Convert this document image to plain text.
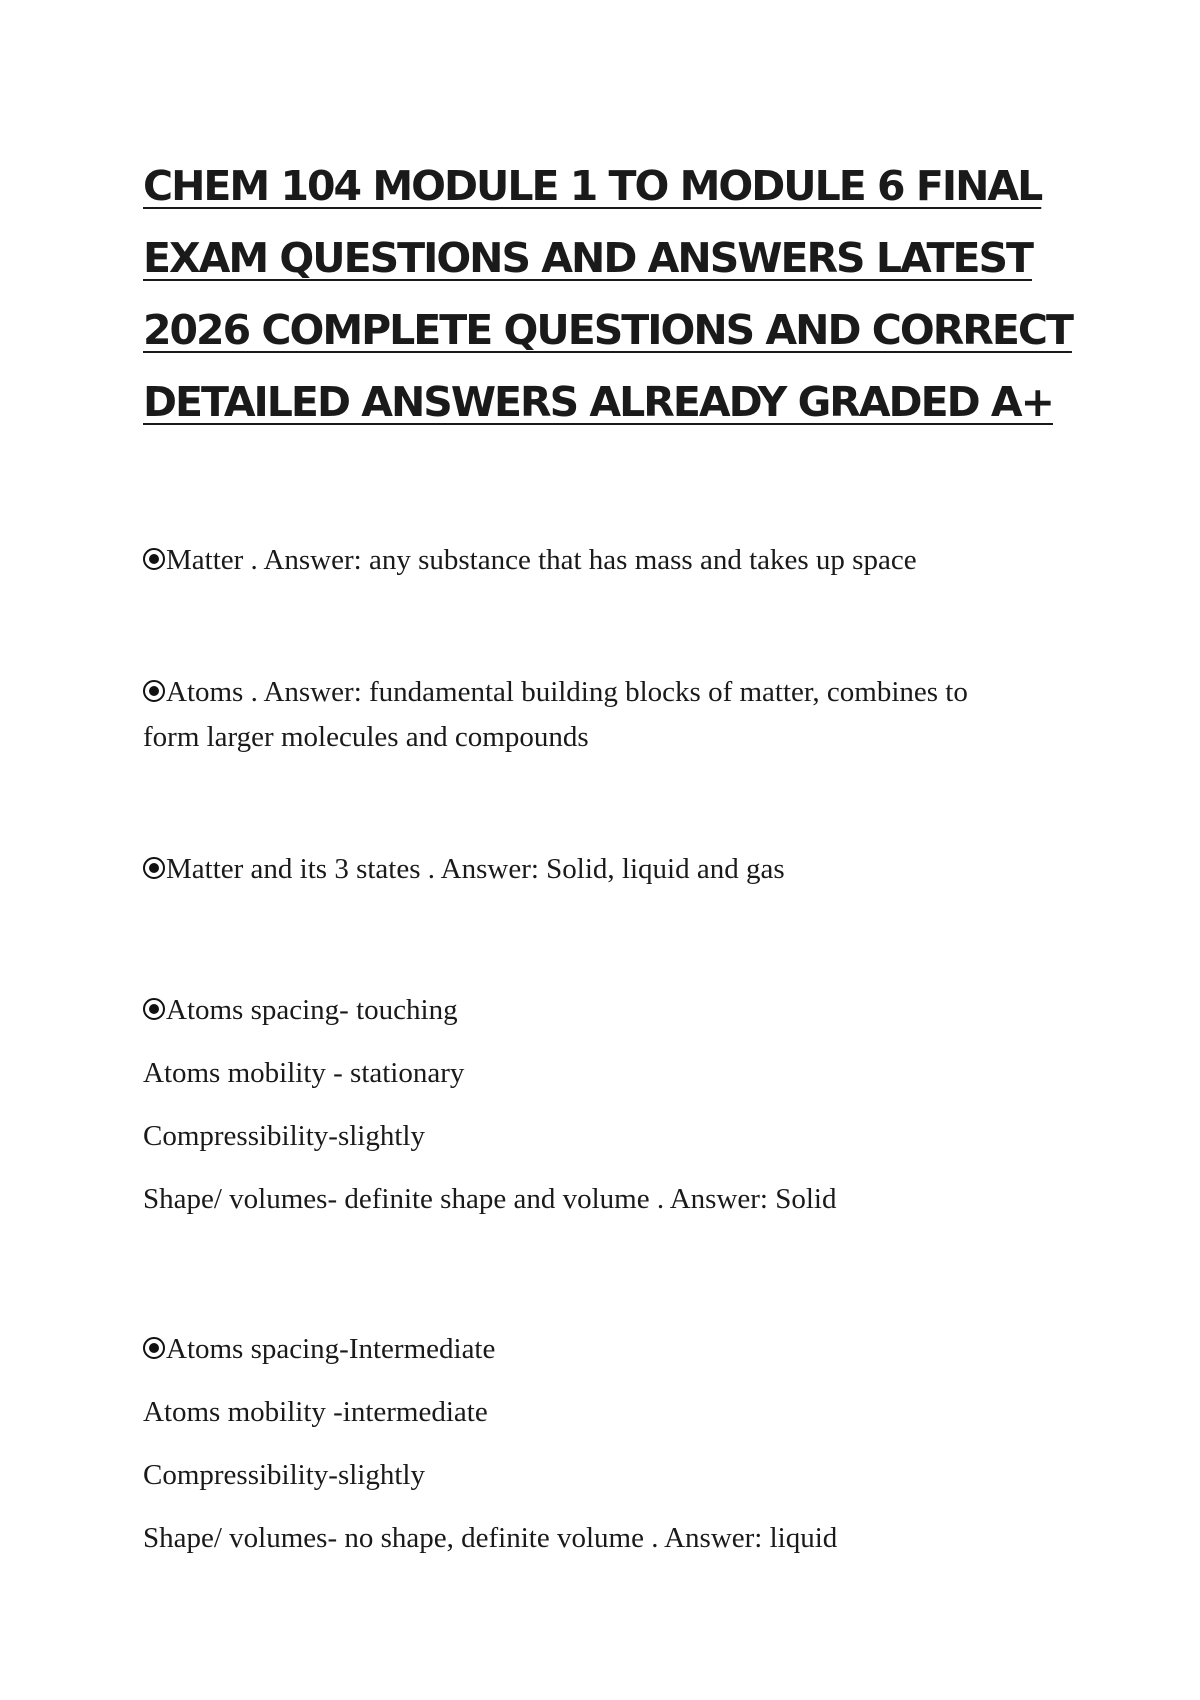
CHEM 104 MODULE 1 TO MODULE 6 FINAL
EXAM QUESTIONS AND ANSWERS LATEST
2026 COMPLETE QUESTIONS AND CORRECT
DETAILED ANSWERS ALREADY GRADED A+
Matter . Answer: any substance that has mass and takes up space
Atoms . Answer: fundamental building blocks of matter, combines to
form larger molecules and compounds
Matter and its 3 states . Answer: Solid, liquid and gas
Atoms spacing- touching
Atoms mobility - stationary
Compressibility-slightly
Shape/ volumes- definite shape and volume . Answer: Solid
Atoms spacing-Intermediate
Atoms mobility -intermediate
Compressibility-slightly
Shape/ volumes- no shape, definite volume . Answer: liquid
